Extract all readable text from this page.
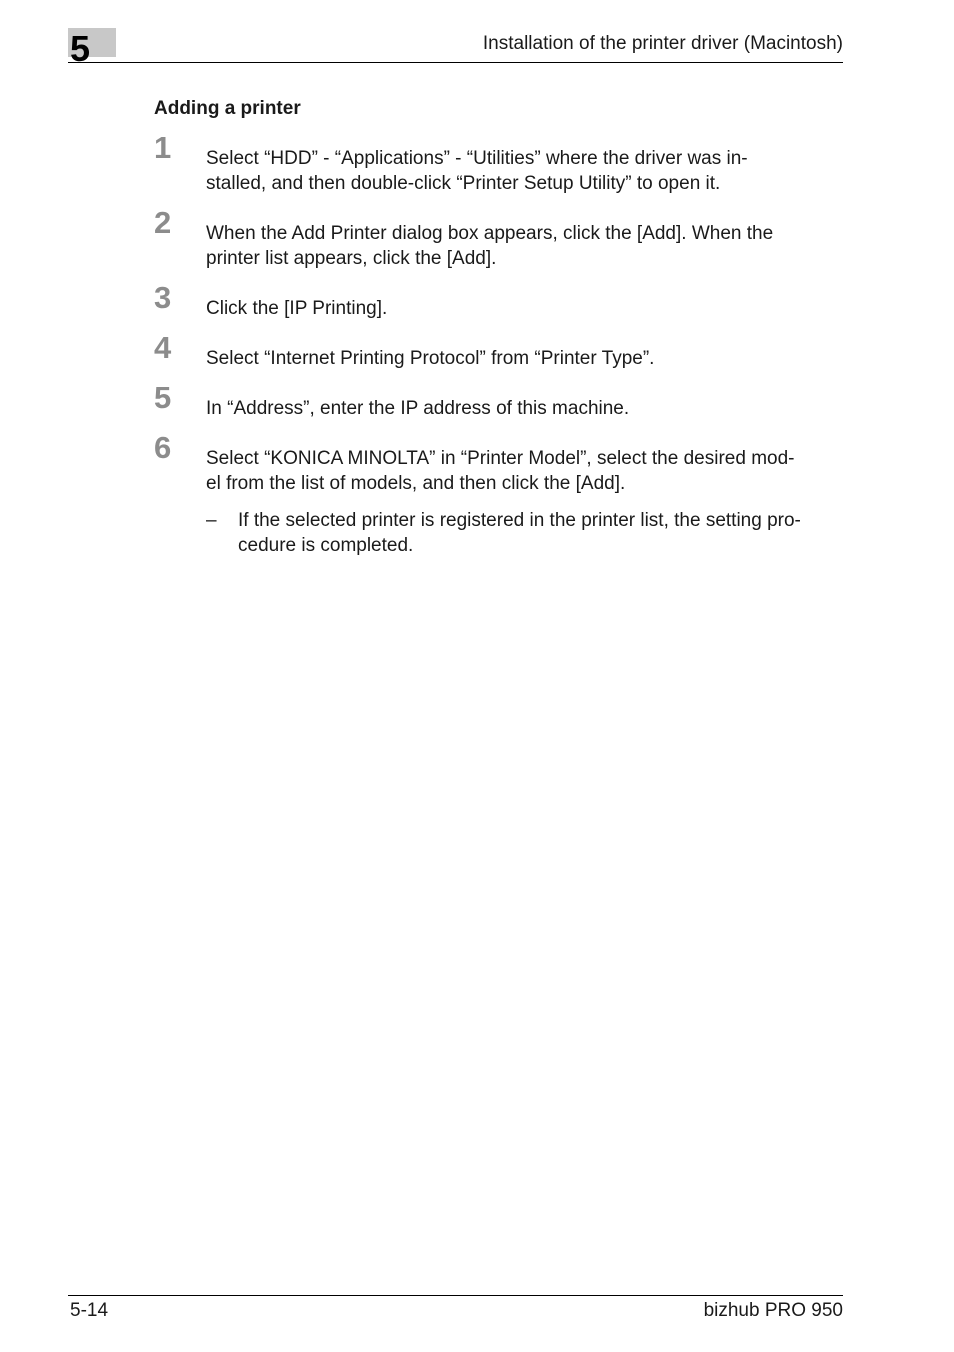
5	Installation of the printer driver (Macintosh)
Adding a printer
1 Select “HDD” - “Applications” - “Utilities” where the driver was in-
stalled, and then double-click “Printer Setup Utility” to open it.
2 When the Add Printer dialog box appears, click the [Add]. When the
printer list appears, click the [Add].
3 Click the [IP Printing].
4 Select “Internet Printing Protocol” from “Printer Type”.
5 In “Address”, enter the IP address of this machine.
6 Select “KONICA MINOLTA” in “Printer Model”, select the desired mod-
el from the list of models, and then click the [Add].
– If the selected printer is registered in the printer list, the setting pro-
cedure is completed.
5-14	bizhub PRO 950
